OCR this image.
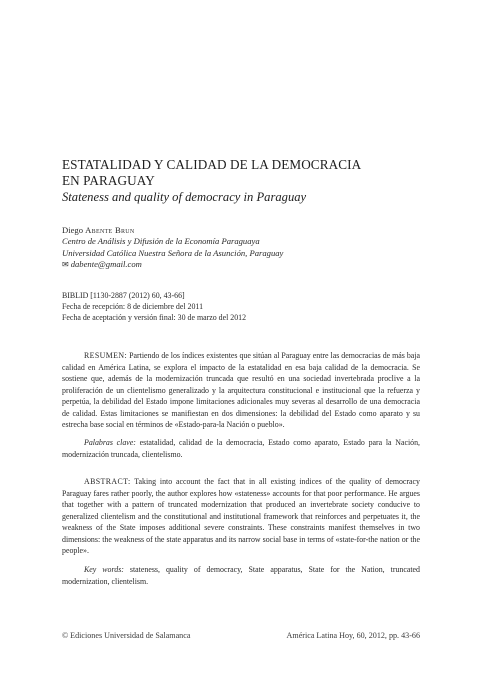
ESTATALIDAD Y CALIDAD DE LA DEMOCRACIA
EN PARAGUAY
Stateness and quality of democracy in Paraguay
Diego Abente Brun
Centro de Análisis y Difusión de la Economía Paraguaya
Universidad Católica Nuestra Señora de la Asunción, Paraguay
✉ dabente@gmail.com
BIBLID [1130-2887 (2012) 60, 43-66]
Fecha de recepción: 8 de diciembre del 2011
Fecha de aceptación y versión final: 30 de marzo del 2012

RESUMEN: Partiendo de los índices existentes que sitúan al Paraguay entre las democracias de más baja calidad en América Latina, se explora el impacto de la estatalidad en esa baja calidad de la democracia. Se sostiene que, además de la modernización truncada que resultó en una sociedad invertebrada proclive a la proliferación de un clientelismo generalizado y la arquitectura constitucional e institucional que la refuerza y perpetúa, la debilidad del Estado impone limitaciones adicionales muy severas al desarrollo de una democracia de calidad. Estas limitaciones se manifiestan en dos dimensiones: la debilidad del Estado como aparato y su estrecha base social en términos de «Estado-para-la Nación o pueblo».

Palabras clave: estatalidad, calidad de la democracia, Estado como aparato, Estado para la Nación, modernización truncada, clientelismo.

ABSTRACT: Taking into account the fact that in all existing indices of the quality of democracy Paraguay fares rather poorly, the author explores how «stateness» accounts for that poor performance. He argues that together with a pattern of truncated modernization that produced an invertebrate society conducive to generalized clientelism and the constitutional and institutional framework that reinforces and perpetuates it, the weakness of the State imposes additional severe constraints. These constraints manifest themselves in two dimensions: the weakness of the state apparatus and its narrow social base in terms of «state-for-the nation or the people».

Key words: stateness, quality of democracy, State apparatus, State for the Nation, truncated modernization, clientelism.

© Ediciones Universidad de Salamanca	América Latina Hoy, 60, 2012, pp. 43-66
